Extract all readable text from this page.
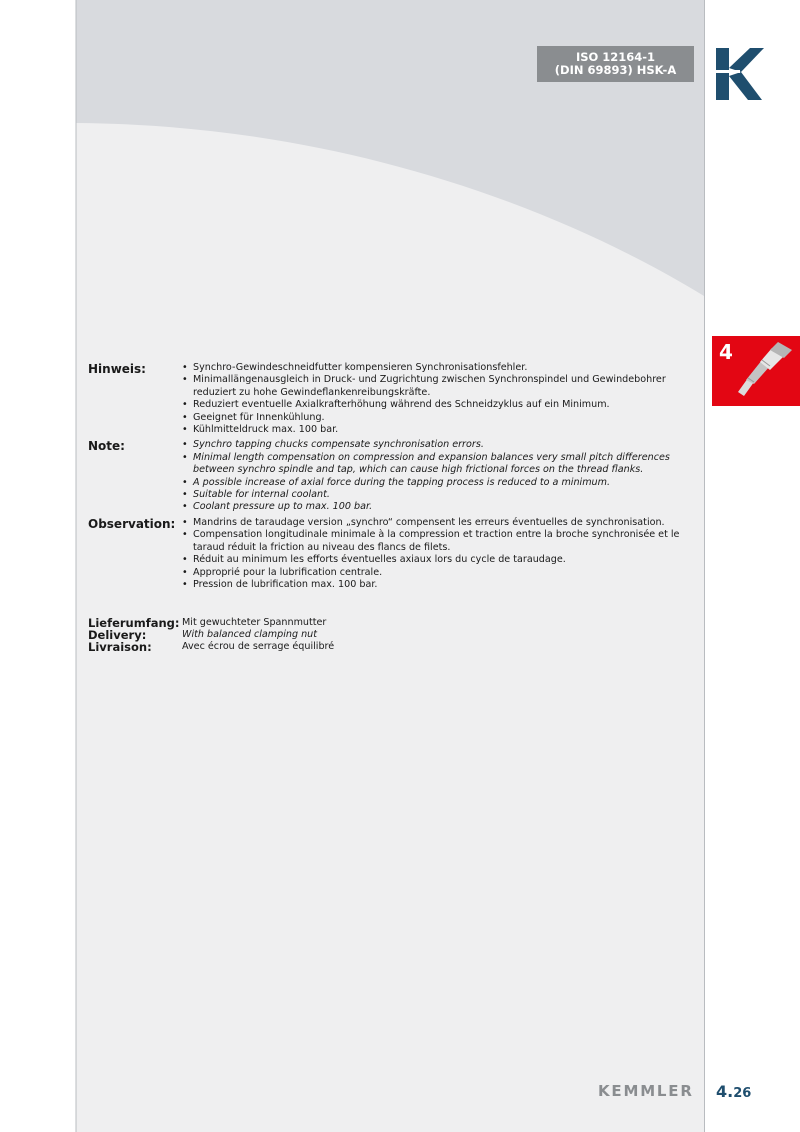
ISO 12164-1
(DIN 69893) HSK-A
4
Hinweis:	• Synchro-Gewindeschneidfutter kompensieren Synchronisationsfehler.
• Minimallängenausgleich in Druck- und Zugrichtung zwischen Synchronspindel und Gewindebohrer reduziert zu hohe Gewindeflankenreibungskräfte.
• Reduziert eventuelle Axialkrafterhöhung während des Schneidzyklus auf ein Minimum.
• Geeignet für Innenkühlung.
• Kühlmitteldruck max. 100 bar.
Note:	• Synchro tapping chucks compensate synchronisation errors.
• Minimal length compensation on compression and expansion balances very small pitch differences between synchro spindle and tap, which can cause high frictional forces on the thread flanks.
• A possible increase of axial force during the tapping process is reduced to a minimum.
• Suitable for internal coolant.
• Coolant pressure up to max. 100 bar.
Observation:	• Mandrins de taraudage version „synchro“ compensent les erreurs éventuelles de synchronisation.
• Compensation longitudinale minimale à la compression et traction entre la broche synchronisée et le taraud réduit la friction au niveau des flancs de filets.
• Réduit au minimum les efforts éventuelles axiaux lors du cycle de taraudage.
• Approprié pour la lubrification centrale.
• Pression de lubrification max. 100 bar.
Lieferumfang: Mit gewuchteter Spannmutter
Delivery:	With balanced clamping nut
Livraison:	Avec écrou de serrage équilibré
KEMMLER 4.26
